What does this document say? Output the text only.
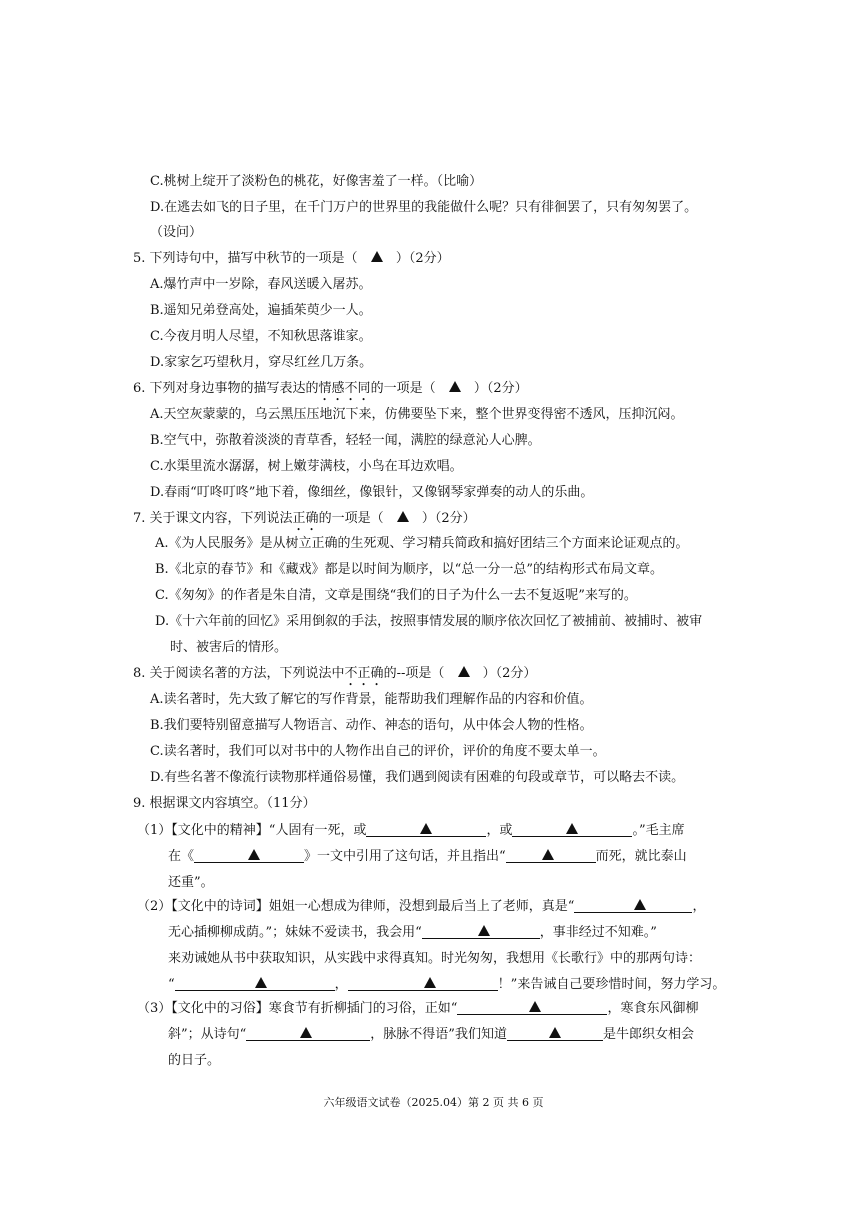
C.桃树上绽开了淡粉色的桃花，好像害羞了一样。（比喻）
D.在逃去如飞的日子里，在千门万户的世界里的我能做什么呢？只有徘徊罢了，只有匆匆罢了。
（设问）
5. 下列诗句中，描写中秋节的一项是（	）（2分）
A.爆竹声中一岁除，春风送暖入屠苏。
B.遥知兄弟登高处，遍插茱萸少一人。
C.今夜月明人尽望，不知秋思落谁家。
D.家家乞巧望秋月，穿尽红丝几万条。
6. 下列对身边事物的描写表达的情感不同的一项是（	）（2分）
A.天空灰蒙蒙的，乌云黑压压地沉下来，仿佛要坠下来，整个世界变得密不透风，压抑沉闷。
B.空气中，弥散着淡淡的青草香，轻轻一闻，满腔的绿意沁人心脾。
C.水渠里流水潺潺，树上嫩芽满枝，小鸟在耳边欢唱。
D.春雨“叮咚叮咚”地下着，像细丝，像银针，又像钢琴家弹奏的动人的乐曲。
7. 关于课文内容，下列说法正确的一项是（	）（2分）
A.《为人民服务》是从树立正确的生死观、学习精兵简政和搞好团结三个方面来论证观点的。
B.《北京的春节》和《藏戏》都是以时间为顺序，以“总一分一总”的结构形式布局文章。
C.《匆匆》的作者是朱自清，文章是围绕“我们的日子为什么一去不复返呢”来写的。
D.《十六年前的回忆》采用倒叙的手法，按照事情发展的顺序依次回忆了被捕前、被捕时、被审
时、被害后的情形。
8. 关于阅读名著的方法，下列说法中不正确的--项是（	）（2分）
A.读名著时，先大致了解它的写作背景，能帮助我们理解作品的内容和价值。
B.我们要特别留意描写人物语言、动作、神态的语句，从中体会人物的性格。
C.读名著时，我们可以对书中的人物作出自己的评价，评价的角度不要太单一。
D.有些名著不像流行读物那样通俗易懂，我们遇到阅读有困难的句段或章节，可以略去不读。
9. 根据课文内容填空。（11分）
（1）【文化中的精神】“人固有一死，或	，或	。”毛主席
在《	》一文中引用了这句话，并且指出“	而死，就比泰山
还重”。
（2）【文化中的诗词】姐姐一心想成为律师，没想到最后当上了老师，真是“	，
无心插柳柳成荫。”；妹妹不爱读书，我会用“	，事非经过不知难。”
来劝诫她从书中获取知识，从实践中求得真知。时光匆匆，我想用《长歌行》中的那两句诗：
“	，	！”来告诫自己要珍惜时间，努力学习。
（3）【文化中的习俗】寒食节有折柳插门的习俗，正如“	，寒食东风御柳
斜”；从诗句“	，脉脉不得语”我们知道	是牛郎织女相会
的日子。
六年级语文试卷（2025.04）第 2 页 共 6 页
